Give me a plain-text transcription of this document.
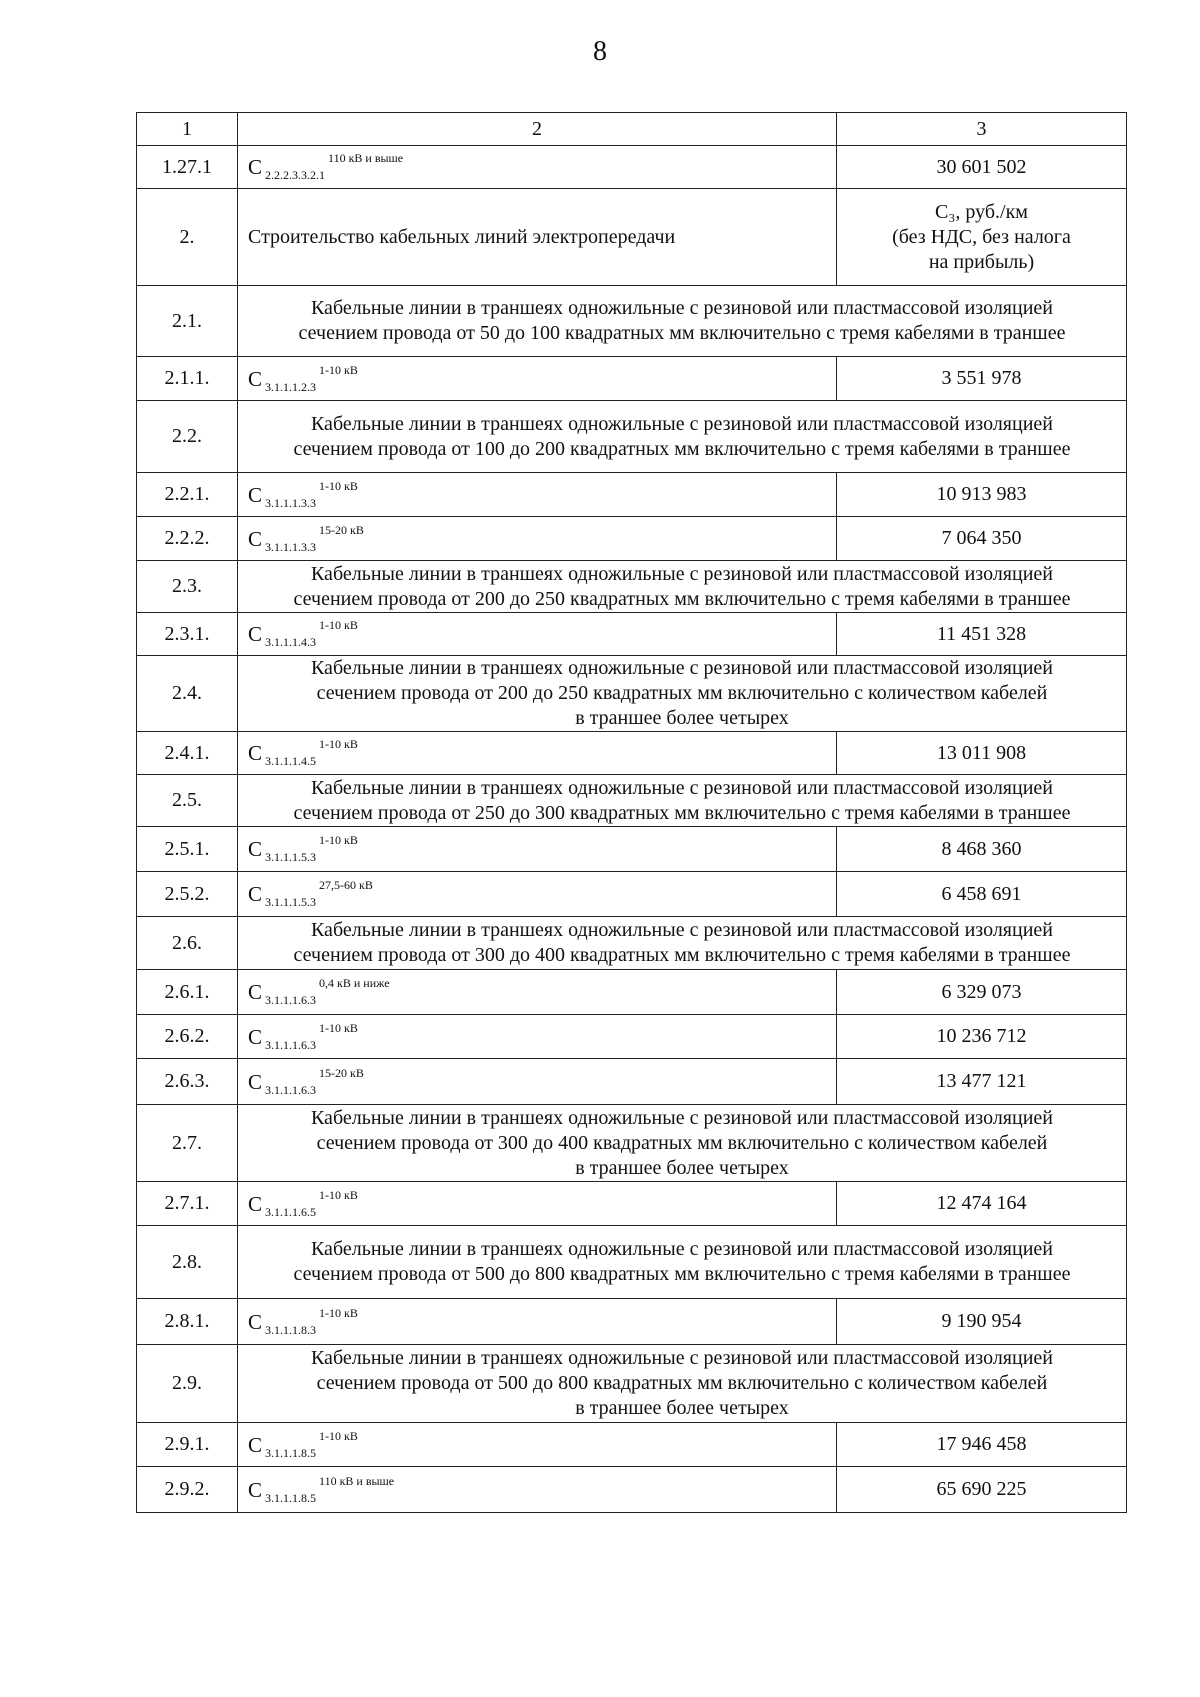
8
1	2	3
1.27.1	С $_{2.2.2.3.3.2.1}^{110 кВ и выше}$	30 601 502
2.	Строительство кабельных линий электропередачи	С₃, руб./км
(без НДС, без налога
на прибыль)

2.1.	Кабельные линии в траншеях одножильные с резиновой или пластмассовой изоляцией
сечением провода от 50 до 100 квадратных мм включительно с тремя кабелями в траншее	

2.1.1.	С $_{3.1.1.1.2.3}^{1-10 кВ}$	3 551 978
2.2.	Кабельные линии в траншеях одножильные с резиновой или пластмассовой изоляцией
сечением провода от 100 до 200 квадратных мм включительно с тремя кабелями в траншее	

2.2.1.	С $_{3.1.1.1.3.3}^{1-10 кВ}$	10 913 983
2.2.2.	С $_{3.1.1.1.3.3}^{15-20 кВ}$	7 064 350
2.3.	Кабельные линии в траншеях одножильные с резиновой или пластмассовой изоляцией
сечением провода от 200 до 250 квадратных мм включительно с тремя кабелями в траншее	

2.3.1.	С $_{3.1.1.1.4.3}^{1-10 кВ}$	11 451 328
2.4.	Кабельные линии в траншеях одножильные с резиновой или пластмассовой изоляцией
сечением провода от 200 до 250 квадратных мм включительно с количеством кабелей
в траншее более четырех	

2.4.1.	С $_{3.1.1.1.4.5}^{1-10 кВ}$	13 011 908
2.5.	Кабельные линии в траншеях одножильные с резиновой или пластмассовой изоляцией
сечением провода от 250 до 300 квадратных мм включительно с тремя кабелями в траншее	

2.5.1.	С $_{3.1.1.1.5.3}^{1-10 кВ}$	8 468 360
2.5.2.	С $_{3.1.1.1.5.3}^{27,5-60 кВ}$	6 458 691
2.6.	Кабельные линии в траншеях одножильные с резиновой или пластмассовой изоляцией
сечением провода от 300 до 400 квадратных мм включительно с тремя кабелями в траншее	

2.6.1.	С $_{3.1.1.1.6.3}^{0,4 кВ и ниже}$	6 329 073
2.6.2.	С $_{3.1.1.1.6.3}^{1-10 кВ}$	10 236 712
2.6.3.	С $_{3.1.1.1.6.3}^{15-20 кВ}$	13 477 121
2.7.	Кабельные линии в траншеях одножильные с резиновой или пластмассовой изоляцией
сечением провода от 300 до 400 квадратных мм включительно с количеством кабелей
в траншее более четырех	

2.7.1.	С $_{3.1.1.1.6.5}^{1-10 кВ}$	12 474 164
2.8.	Кабельные линии в траншеях одножильные с резиновой или пластмассовой изоляцией
сечением провода от 500 до 800 квадратных мм включительно с тремя кабелями в траншее	

2.8.1.	С $_{3.1.1.1.8.3}^{1-10 кВ}$	9 190 954
2.9.	Кабельные линии в траншеях одножильные с резиновой или пластмассовой изоляцией
сечением провода от 500 до 800 квадратных мм включительно с количеством кабелей
в траншее более четырех	

2.9.1.	С $_{3.1.1.1.8.5}^{1-10 кВ}$	17 946 458
2.9.2.	С $_{3.1.1.1.8.5}^{110 кВ и выше}$	65 690 225
